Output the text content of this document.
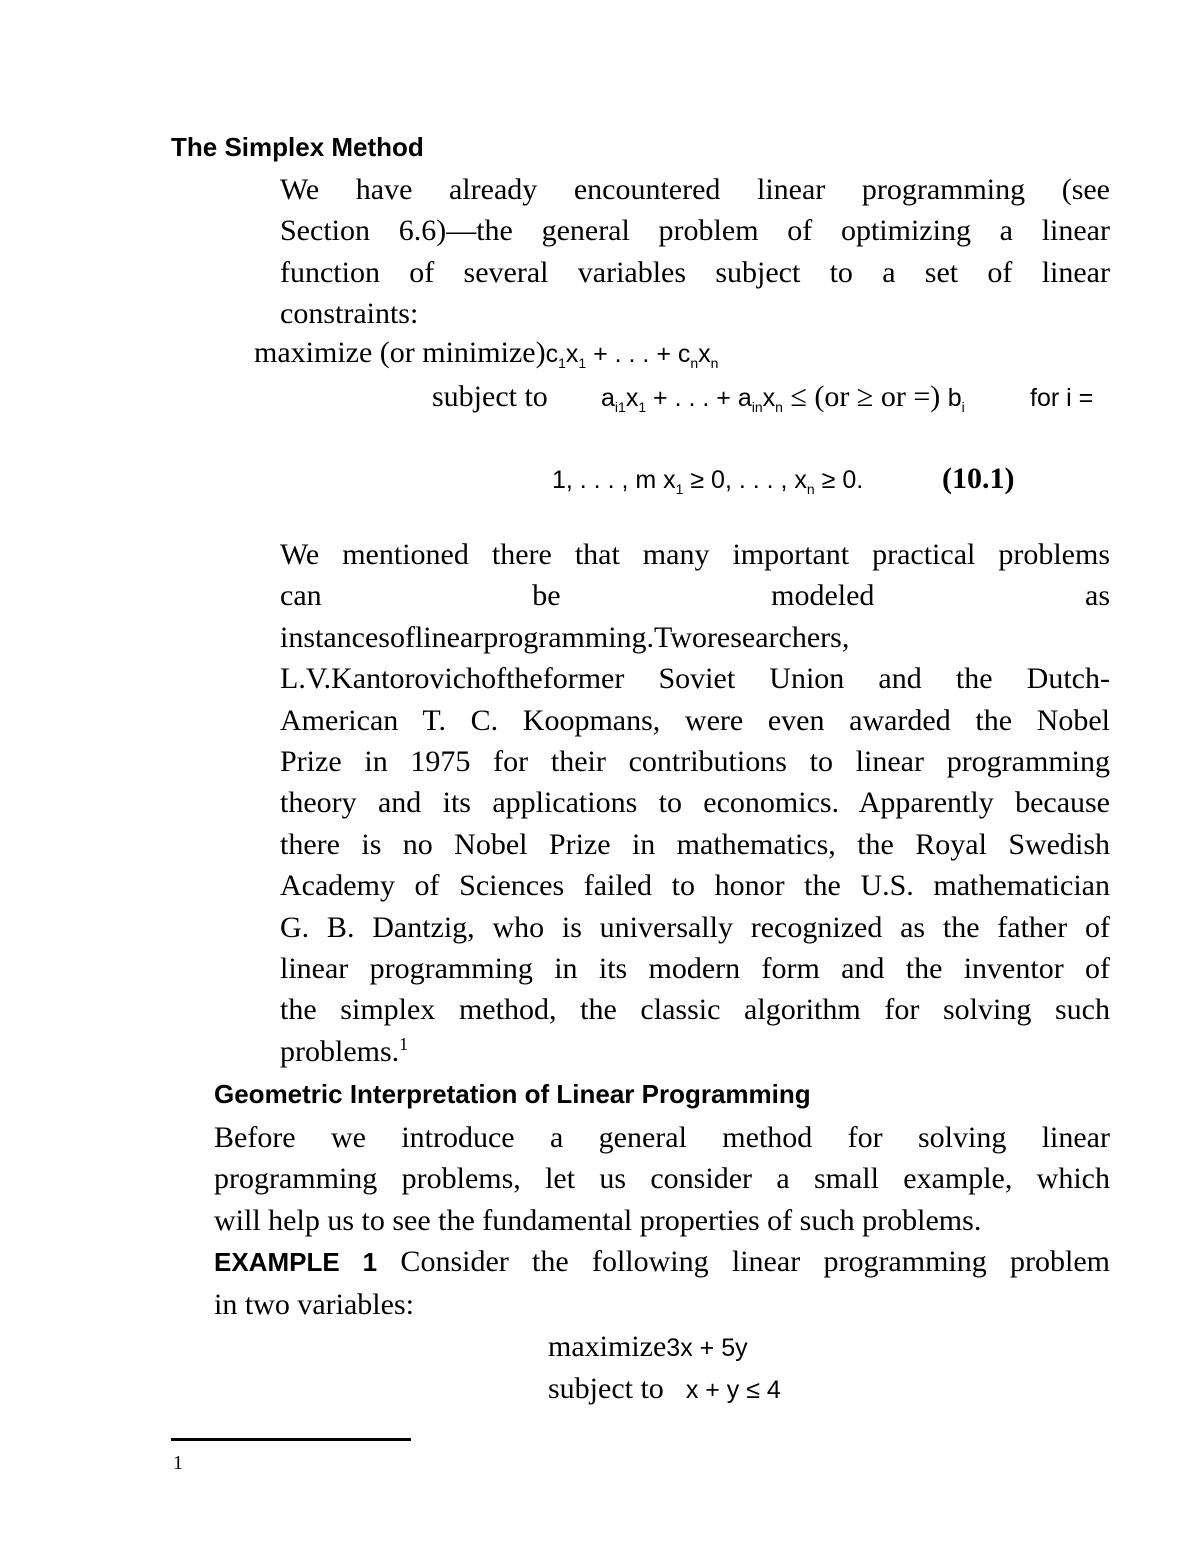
The Simplex Method
We have already encountered linear programming (see
Section 6.6)—the general problem of optimizing a linear
function of several variables subject to a set of linear
constraints:
maximize (or $minimize)c_1x_1$ + . . . + $c_nx_n$
subject to $a_{i1}x_1$ + . . . + $a_{in}x_n \le (or$ ≥ or =) $b_i$	for i =
1, . . . , m $x_1 \ge 0$, . . . , $x_n \ge 0$.	(10.1)
We mentioned there that many important practical problems
can be modeled as
instancesoflinearprogramming.Tworesearchers,
L.V.Kantorovichoftheformer Soviet Union and the Dutch-
American T. C. Koopmans, were even awarded the Nobel
Prize in 1975 for their contributions to linear programming
theory and its applications to economics. Apparently because
there is no Nobel Prize in mathematics, the Royal Swedish
Academy of Sciences failed to honor the U.S. mathematician
G. B. Dantzig, who is universally recognized as the father of
linear programming in its modern form and the inventor of
the simplex method, the classic algorithm for solving such
problems.$^1$
Geometric Interpretation of Linear Programming
Before we introduce a general method for solving linear
programming problems, let us consider a small example, which
will help us to see the fundamental properties of such problems.
EXAMPLE 1 Consider the following linear programming problem
in two variables:
maximize3x + 5y
subject to x + y ≤ 4
1
